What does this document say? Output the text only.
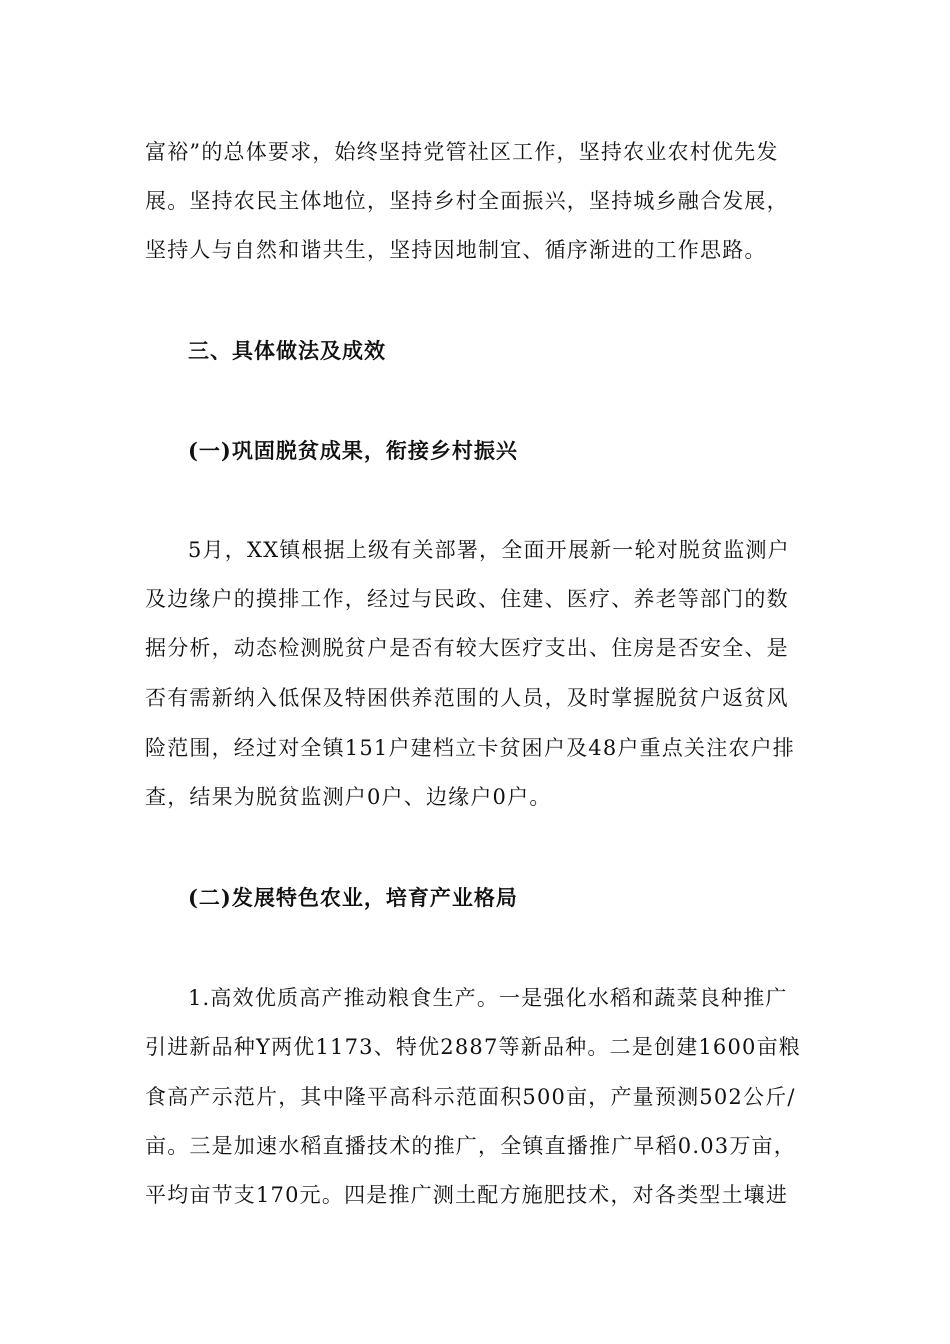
富裕”的总体要求，始终坚持党管社区工作，坚持农业农村优先发
展。坚持农民主体地位，坚持乡村全面振兴，坚持城乡融合发展，
坚持人与自然和谐共生，坚持因地制宜、循序渐进的工作思路。
三、具体做法及成效
(一)巩固脱贫成果，衔接乡村振兴
5月，XX镇根据上级有关部署，全面开展新一轮对脱贫监测户
及边缘户的摸排工作，经过与民政、住建、医疗、养老等部门的数
据分析，动态检测脱贫户是否有较大医疗支出、住房是否安全、是
否有需新纳入低保及特困供养范围的人员，及时掌握脱贫户返贫风
险范围，经过对全镇151户建档立卡贫困户及48户重点关注农户排
查，结果为脱贫监测户0户、边缘户0户。
(二)发展特色农业，培育产业格局
1.高效优质高产推动粮食生产。一是强化水稻和蔬菜良种推广
引进新品种Y两优1173、特优2887等新品种。二是创建1600亩粮
食高产示范片，其中隆平高科示范面积500亩，产量预测502公斤/
亩。三是加速水稻直播技术的推广，全镇直播推广早稻0.03万亩，
平均亩节支170元。四是推广测土配方施肥技术，对各类型土壤进
